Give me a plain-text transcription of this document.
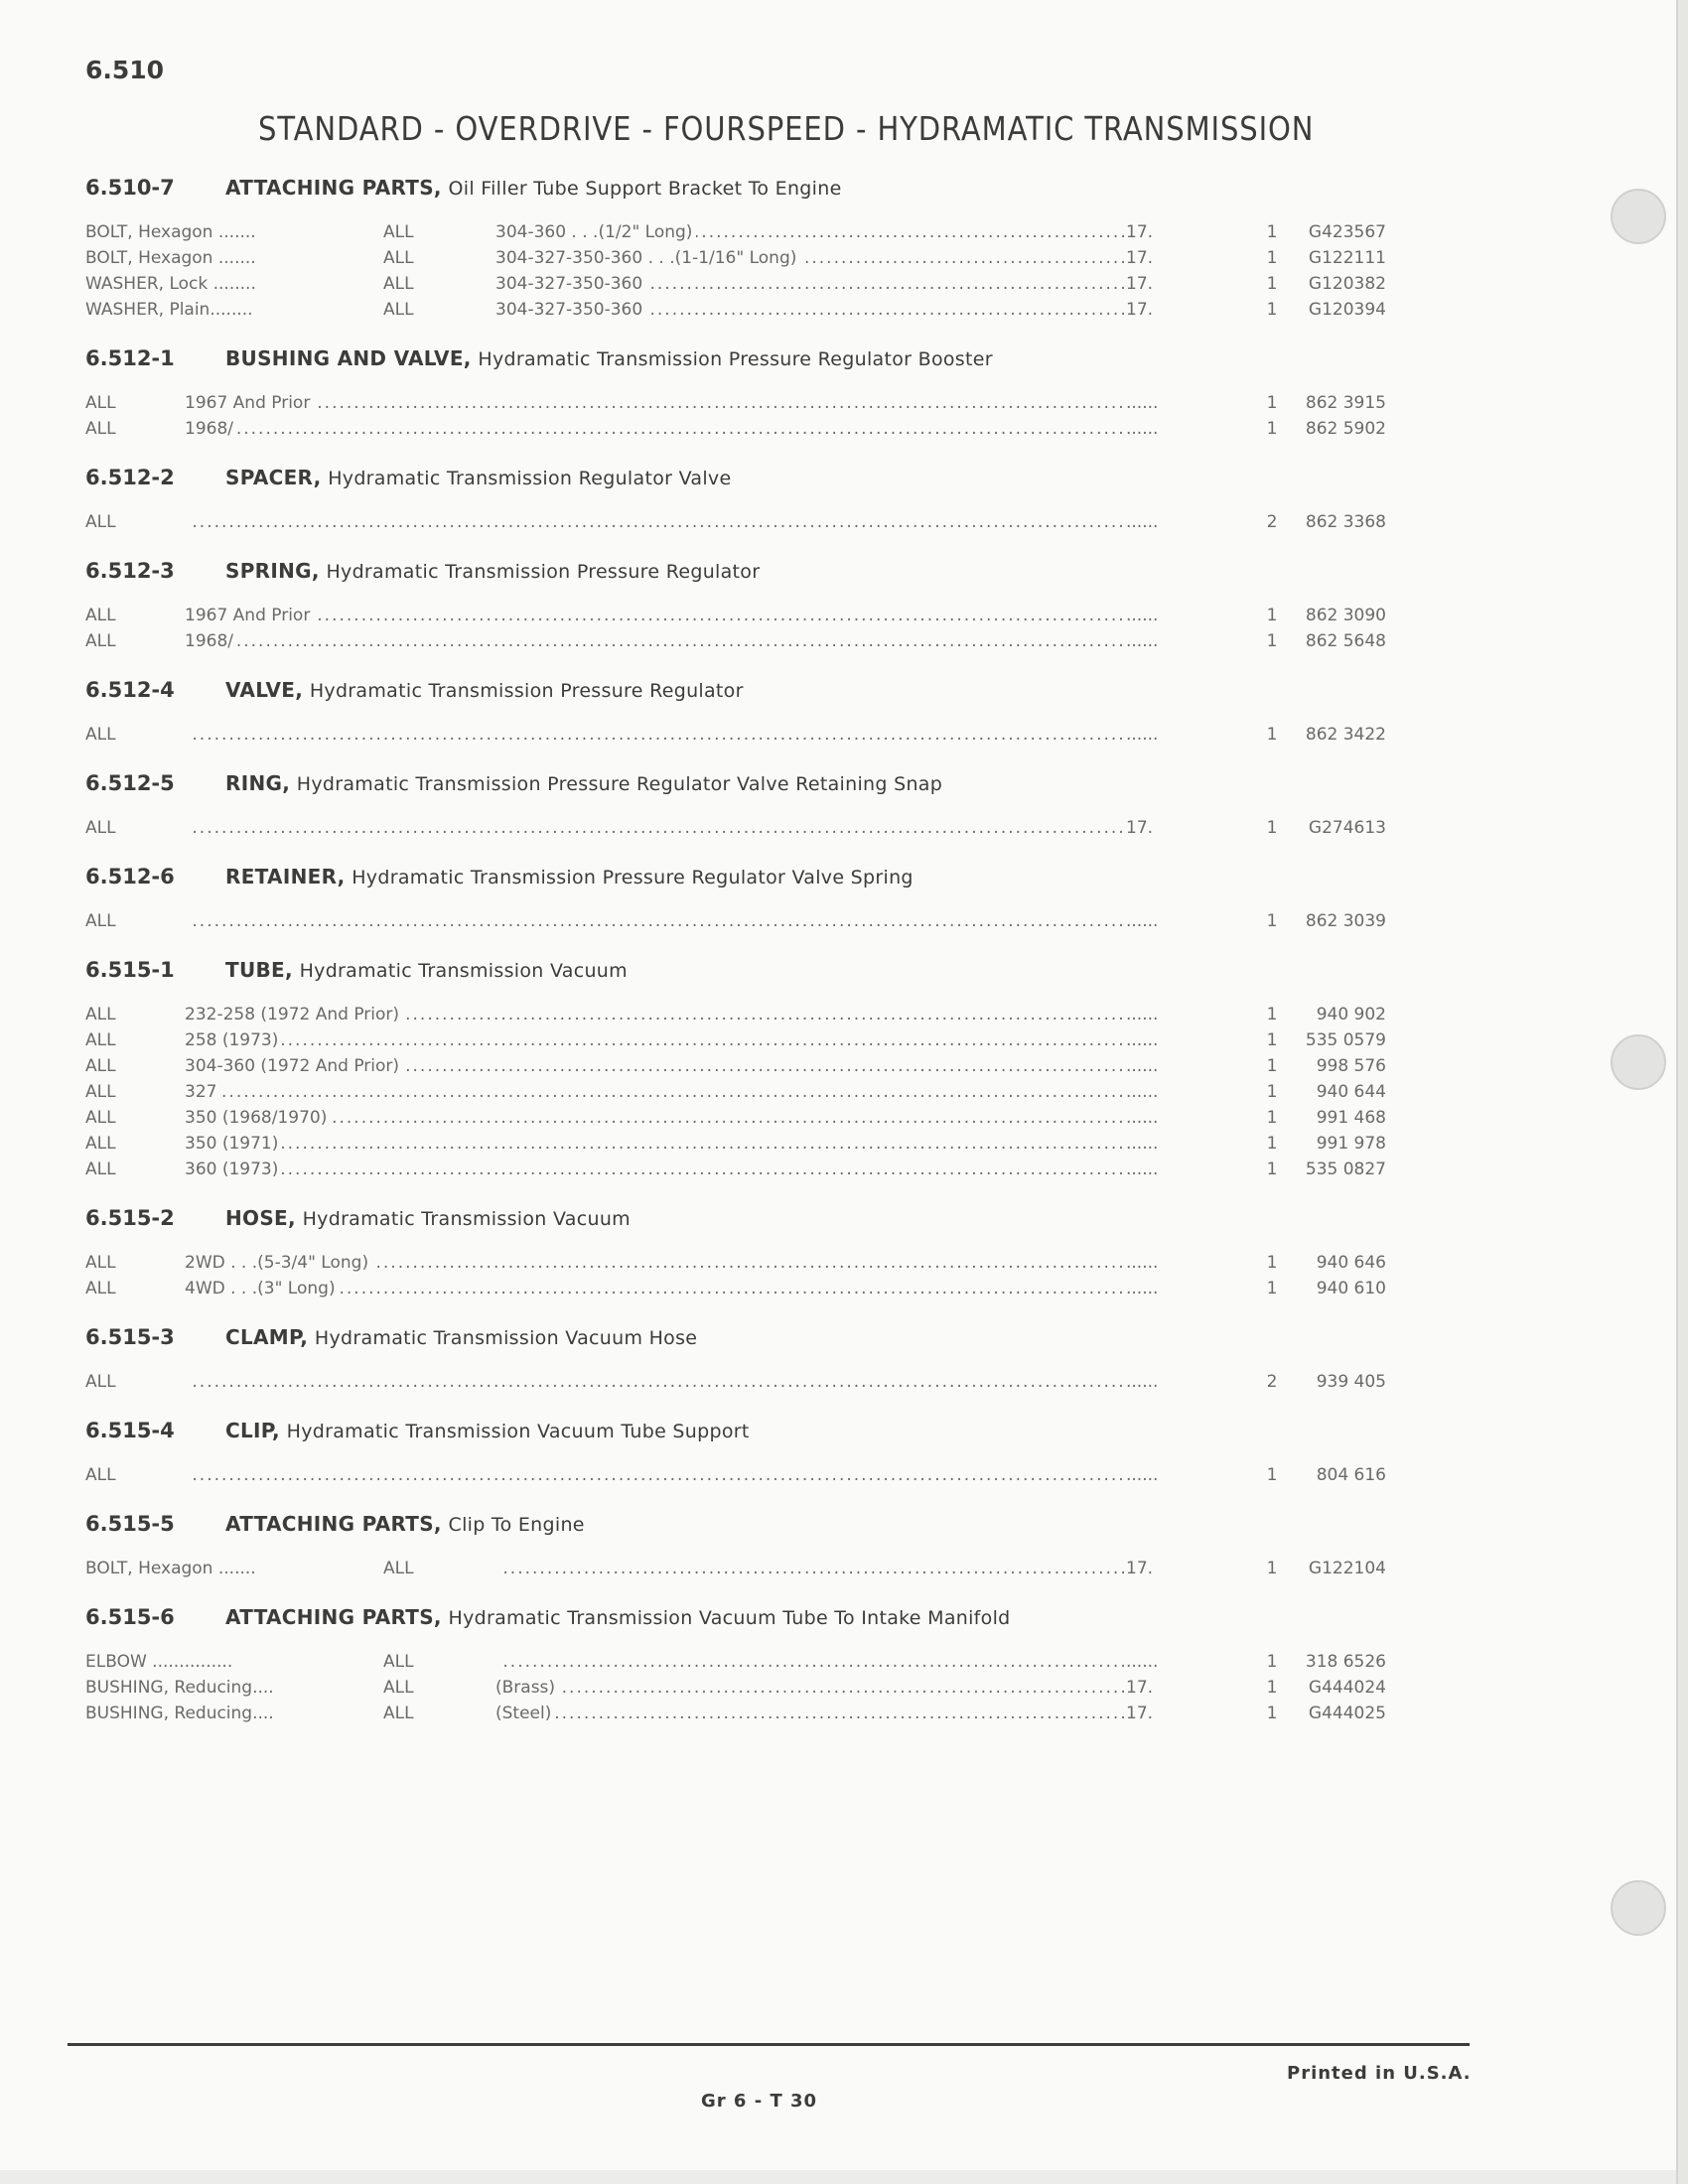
6.510
STANDARD - OVERDRIVE - FOURSPEED - HYDRAMATIC TRANSMISSION
6.510-7	ATTACHING PARTS, Oil Filler Tube Support Bracket To Engine
BOLT, Hexagon .......	ALL	304-360 . . .(1/2" Long) .....	17.	1	G423567
BOLT, Hexagon .......	ALL	304-327-350-360 . . .(1-1/16" Long) .....	17.	1	G122111
WASHER, Lock ........	ALL	304-327-350-360 .....	17.	1	G120382
WASHER, Plain........	ALL	304-327-350-360 .....	17.	1	G120394
6.512-1	BUSHING AND VALVE, Hydramatic Transmission Pressure Regulator Booster
ALL	1967 And Prior .....	......	1	862 3915
ALL	1968/ .....	......	1	862 5902
6.512-2	SPACER, Hydramatic Transmission Regulator Valve
ALL .....	......	2	862 3368
6.512-3	SPRING, Hydramatic Transmission Pressure Regulator
ALL	1967 And Prior .....	......	1	862 3090
ALL	1968/ .....	......	1	862 5648
6.512-4	VALVE, Hydramatic Transmission Pressure Regulator
ALL .....	......	1	862 3422
6.512-5	RING, Hydramatic Transmission Pressure Regulator Valve Retaining Snap
ALL .....	17.	1	G274613
6.512-6	RETAINER, Hydramatic Transmission Pressure Regulator Valve Spring
ALL .....	......	1	862 3039
6.515-1	TUBE, Hydramatic Transmission Vacuum
ALL	232-258 (1972 And Prior) .....	......	1	940 902
ALL	258 (1973) .....	......	1	535 0579
ALL	304-360 (1972 And Prior) .....	......	1	998 576
ALL	327 .....	......	1	940 644
ALL	350 (1968/1970) .....	......	1	991 468
ALL	350 (1971) .....	......	1	991 978
ALL	360 (1973) .....	......	1	535 0827
6.515-2	HOSE, Hydramatic Transmission Vacuum
ALL	2WD . . .(5-3/4" Long) .....	......	1	940 646
ALL	4WD . . .(3" Long) .....	......	1	940 610
6.515-3	CLAMP, Hydramatic Transmission Vacuum Hose
ALL .....	......	2	939 405
6.515-4	CLIP, Hydramatic Transmission Vacuum Tube Support
ALL .....	......	1	804 616
6.515-5	ATTACHING PARTS, Clip To Engine
BOLT, Hexagon .......	ALL .....	17.	1	G122104
6.515-6	ATTACHING PARTS, Hydramatic Transmission Vacuum Tube To Intake Manifold
ELBOW ...............	ALL .....	......	1	318 6526
BUSHING, Reducing....	ALL	(Brass) .....	17.	1	G444024
BUSHING, Reducing....	ALL	(Steel) .....	17.	1	G444025
Printed in U.S.A.
Gr 6 - T 30
